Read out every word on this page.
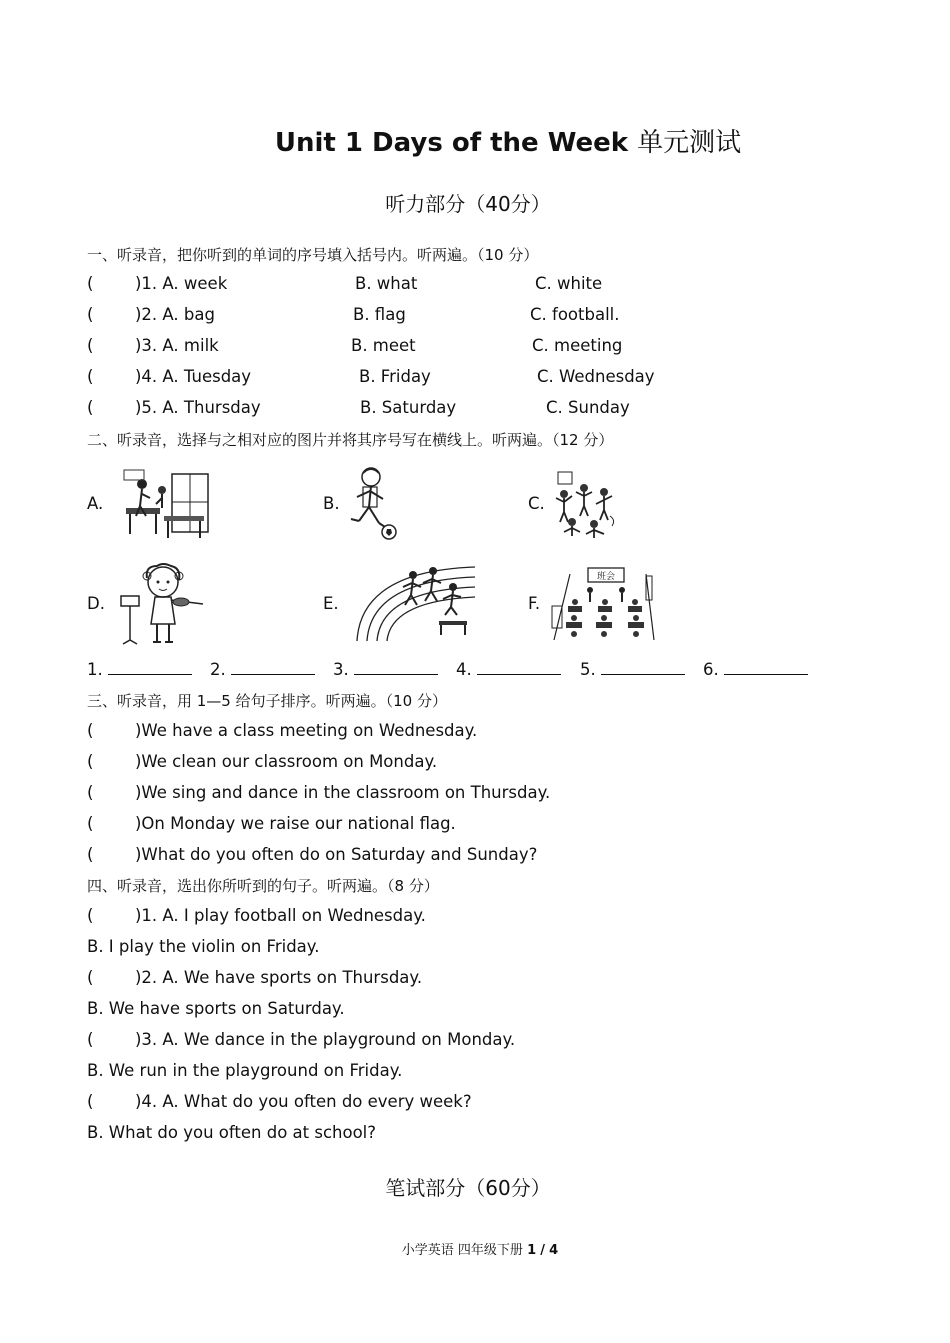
Unit 1 Days of the Week 单元测试
听力部分（40分）
一、听录音，把你听到的单词的序号填入括号内。听两遍。（10 分）
(	)1. A. week	B. what	C. white
(	)2. A. bag	B. flag	C. football.
(	)3. A. milk	B. meet	C. meeting
(	)4. A. Tuesday	B. Friday	C. Wednesday
(	)5. A. Thursday	B. Saturday	C. Sunday
二、听录音，选择与之相对应的图片并将其序号写在横线上。听两遍。（12 分）
A.	B.	C.
D.	E.	F.
班会
1.	2.	3.	4.	5.	6.
三、听录音，用 1—5 给句子排序。听两遍。（10 分）
(	)We have a class meeting on Wednesday.
(	)We clean our classroom on Monday.
(	)We sing and dance in the classroom on Thursday.
(	)On Monday we raise our national flag.
(	)What do you often do on Saturday and Sunday?
四、听录音，选出你所听到的句子。听两遍。（8 分）
(	)1. A. I play football on Wednesday.
B. I play the violin on Friday.
(	)2. A. We have sports on Thursday.
B. We have sports on Saturday.
(	)3. A. We dance in the playground on Monday.
B. We run in the playground on Friday.
(	)4. A. What do you often do every week?
B. What do you often do at school?
笔试部分（60分）
小学英语 四年级下册 1 / 4
